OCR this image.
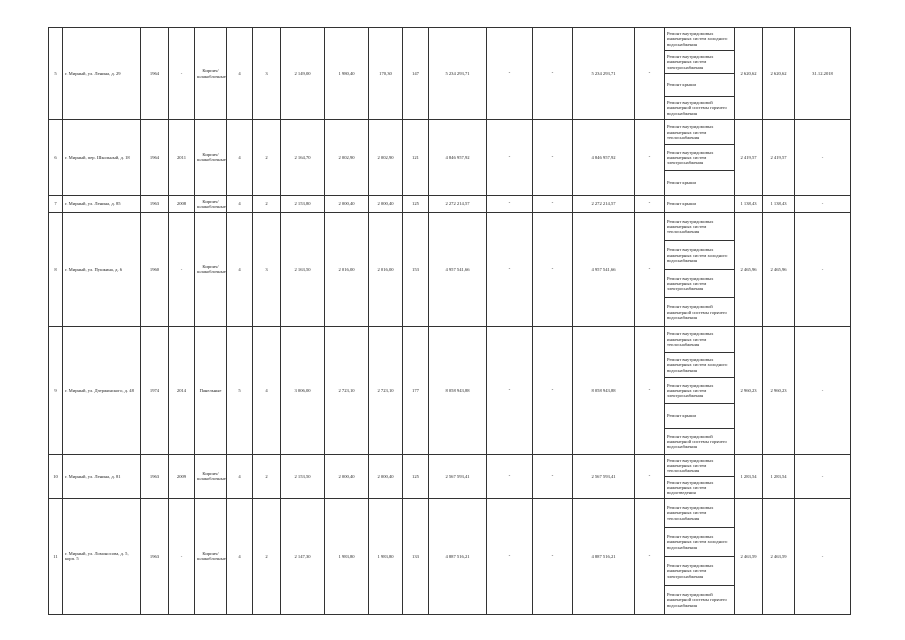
5	г. Мирный, ул. Ленина, д. 29	1964	-	Кирпич/ шлакоблочные	4	3	2 149,00	1 980,40	170,30	147	5 234 293,71	-	-	5 234 293,71	-	Ремонт внутридомовых инженерных систем холодного водоснабжения	2 620,62	2 620,62	31.12.2018
																Ремонт внутридомовых инженерных систем электроснабжения			
																Ремонт крыши			
																Ремонт внутридомовой инженерной системы горячего водоснабжения			
6	г. Мирный, пер. Школьный, д. 18	1964	2011	Кирпич/ шлакоблочные	4	2	2 164,70	2 002,90	2 002,90	121	4 846 957,92	-	-	4 846 957,92	-	Ремонт внутридомовых инженерных систем теплоснабжения	2 419,57	2 419,57	-
																Ремонт внутридомовых инженерных систем электроснабжения			
																Ремонт крыши			
7	г. Мирный, ул. Ленина, д. 85	1963	2008	Кирпич/ шлакоблочные	4	2	2 153,80	2 000,40	2 000,40	125	2 272 214,57	-	-	2 272 214,57	-	Ремонт крыши	1 138,43	1 138,43	-
8	г. Мирный, ул. Пушкина, д. 6	1960	-	Кирпич/ шлакоблочные	4	3	2 163,50	2 016,00	2 016,00	153	4 957 541,66	-	-	4 957 541,66	-	Ремонт внутридомовых инженерных систем теплоснабжения	2 465,96	2 465,96	-
																Ремонт внутридомовых инженерных систем холодного водоснабжения			
																Ремонт внутридомовых инженерных систем электроснабжения			
																Ремонт внутридомовой инженерной системы горячего водоснабжения			
9	г. Мирный, ул. Дзержинского, д. 48	1974	2014	Панельные	5	4	3 006,00	2 723,10	2 723,10	177	8 058 943,88	-	-	8 058 943,88	-	Ремонт внутридомовых инженерных систем теплоснабжения	2 960,23	2 960,23	-
																Ремонт внутридомовых инженерных систем холодного водоснабжения			
																Ремонт внутридомовых инженерных систем электроснабжения			
																Ремонт крыши			
																Ремонт внутридомовой инженерной системы горячего водоснабжения			
10	г. Мирный, ул. Ленина, д. 81	1963	2009	Кирпич/ шлакоблочные	4	2	2 153,50	2 000,40	2 000,40	125	2 567 593,41	-	-	2 567 593,41	-	Ремонт внутридомовых инженерных систем теплоснабжения	1 283,54	1 283,54	-
																Ремонт внутридомовых инженерных систем водоотведения			
11	г. Мирный, ул. Ломоносова, д. 5, корп. 5	1963	-	Кирпич/ шлакоблочные	4	2	2 147,30	1 983,80	1 983,80	133	4 887 516,21	-	-	4 887 516,21	-	Ремонт внутридомовых инженерных систем теплоснабжения	2 463,59	2 463,59	-
																Ремонт внутридомовых инженерных систем холодного водоснабжения			
																Ремонт внутридомовых инженерных систем электроснабжения			
																Ремонт внутридомовой инженерной системы горячего водоснабжения			
